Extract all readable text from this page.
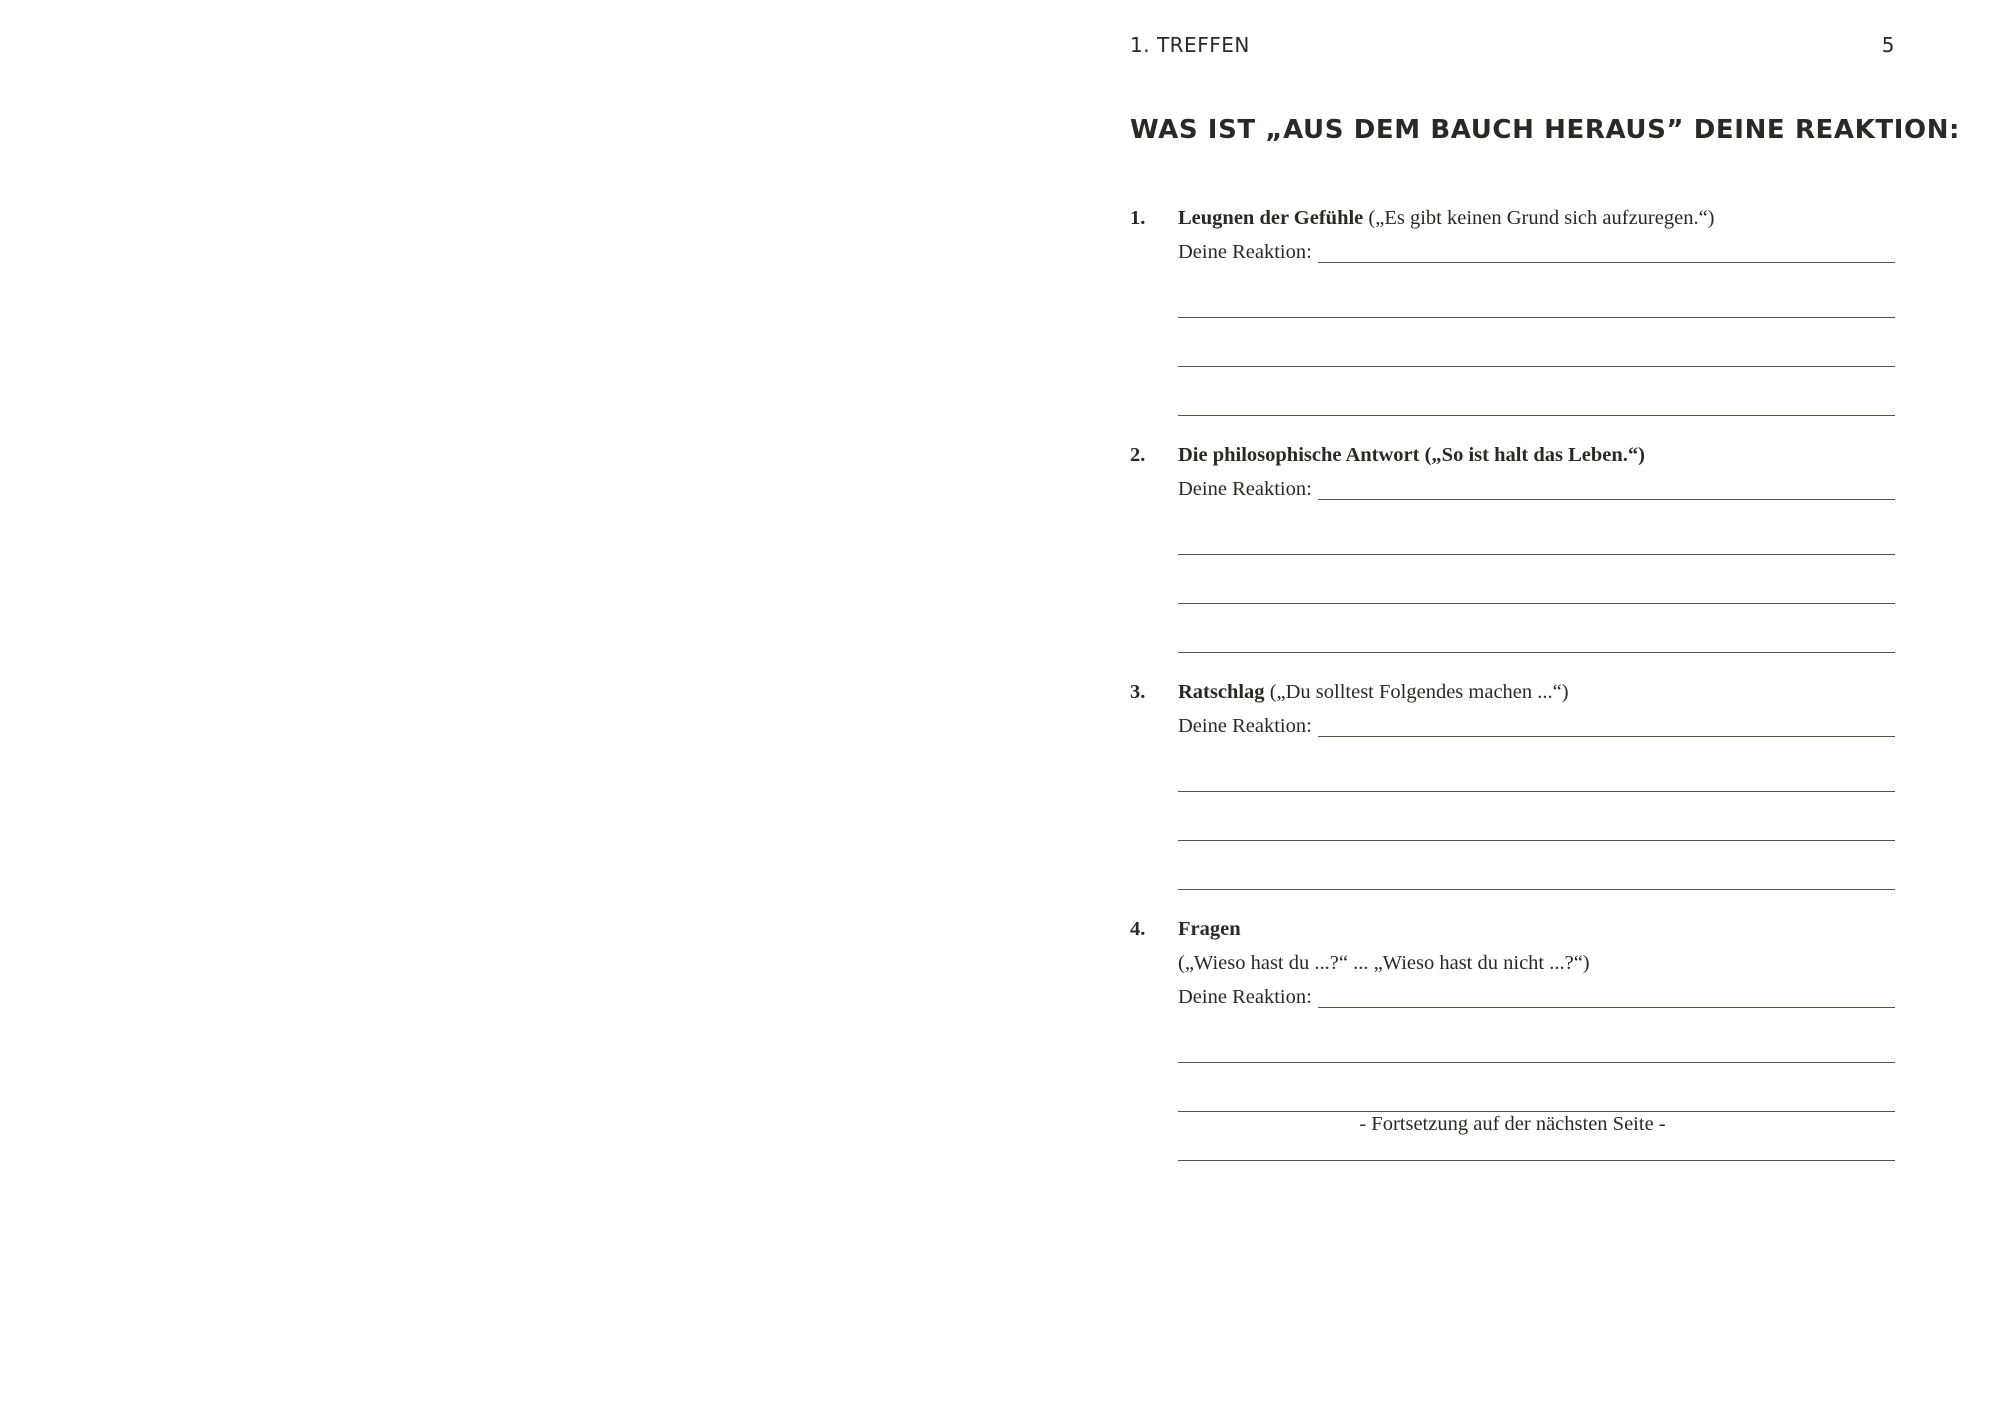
1. TREFFEN	5
WAS IST „AUS DEM BAUCH HERAUS” DEINE REAKTION:
1. Leugnen der Gefühle („Es gibt keinen Grund sich aufzuregen.“)
Deine Reaktion:
2. Die philosophische Antwort („So ist halt das Leben.“)
Deine Reaktion:
3. Ratschlag („Du solltest Folgendes machen ...“)
Deine Reaktion:
4. Fragen
(„Wieso hast du ...?“ ... „Wieso hast du nicht ...?“)
Deine Reaktion:
- Fortsetzung auf der nächsten Seite -
